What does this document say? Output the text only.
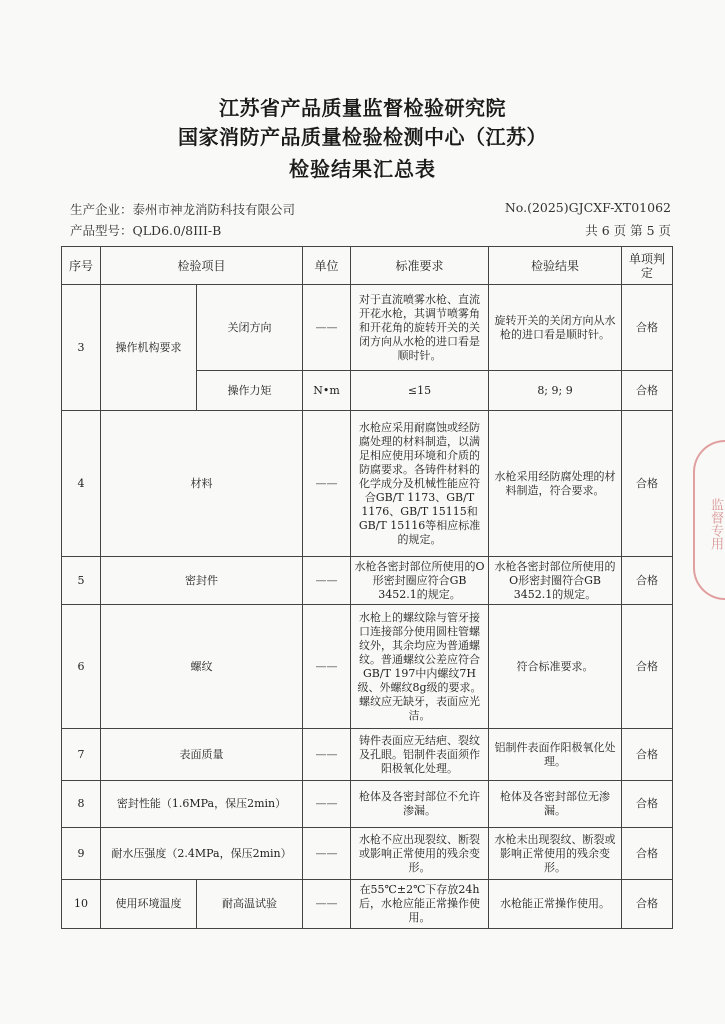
江苏省产品质量监督检验研究院
国家消防产品质量检验检测中心（江苏）
检验结果汇总表
生产企业：泰州市神龙消防科技有限公司
产品型号：QLD6.0/8III-B
No.(2025)GJCXF-XT01062
共 6 页 第 5 页
序号	检验项目		单位	标准要求	检验结果	单项判定
3	操作机构要求	关闭方向	——	对于直流喷雾水枪、直流开花水枪，其调节喷雾角和开花角的旋转开关的关闭方向从水枪的进口看是顺时针。	旋转开关的关闭方向从水枪的进口看是顺时针。	合格
		操作力矩	N•m	≤15	8; 9; 9	合格
4	材料		——	水枪应采用耐腐蚀或经防腐处理的材料制造，以满足相应使用环境和介质的防腐要求。各铸件材料的化学成分及机械性能应符合GB/T 1173、GB/T 1176、GB/T 15115和GB/T 15116等相应标准的规定。	水枪采用经防腐处理的材料制造，符合要求。	合格
5	密封件		——	水枪各密封部位所使用的O形密封圈应符合GB 3452.1的规定。	水枪各密封部位所使用的O形密封圈符合GB 3452.1的规定。	合格
6	螺纹		——	水枪上的螺纹除与管牙接口连接部分使用圆柱管螺纹外，其余均应为普通螺纹。普通螺纹公差应符合GB/T 197中内螺纹7H级、外螺纹8g级的要求。螺纹应无缺牙，表面应光洁。	符合标准要求。	合格
7	表面质量		——	铸件表面应无结疤、裂纹及孔眼。铝制件表面须作阳极氧化处理。	铝制件表面作阳极氧化处理。	合格
8	密封性能（1.6MPa，保压2min）		——	枪体及各密封部位不允许渗漏。	枪体及各密封部位无渗漏。	合格
9	耐水压强度（2.4MPa，保压2min）		——	水枪不应出现裂纹、断裂或影响正常使用的残余变形。	水枪未出现裂纹、断裂或影响正常使用的残余变形。	合格
10	使用环境温度	耐高温试验	——	在55℃±2℃下存放24h后，水枪应能正常操作使用。	水枪能正常操作使用。	合格
监督专用
